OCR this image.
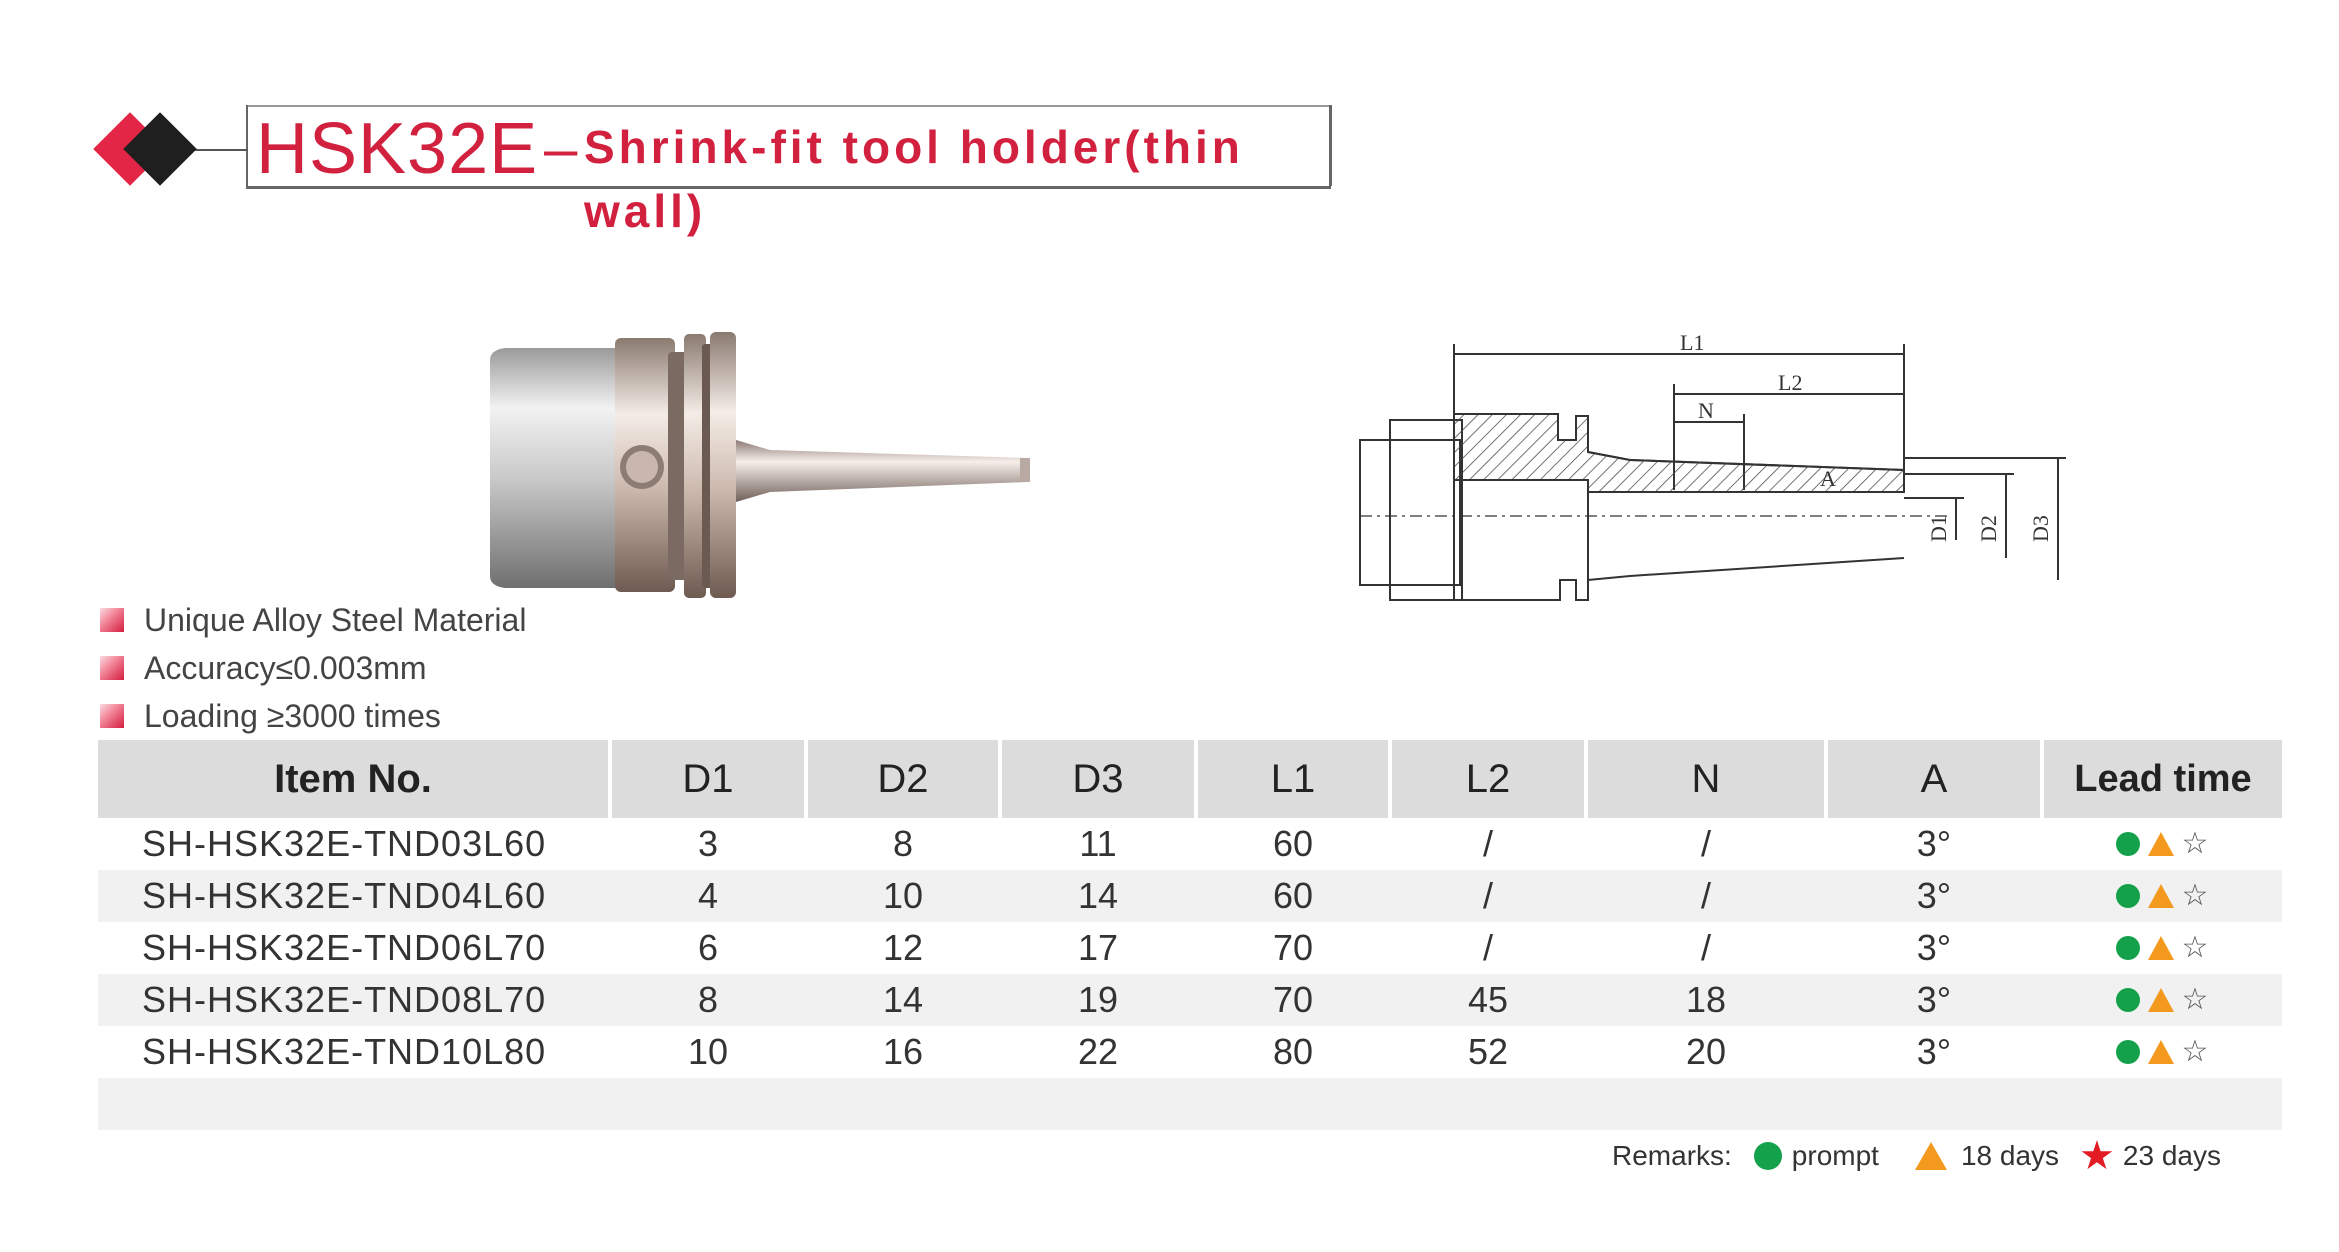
HSK32E – Shrink-fit tool holder(thin wall)
L1
L2
N
A
D1 D2 D3
Unique Alloy Steel Material
Accuracy≤0.003mm
Loading ≥3000 times
Item No.	D1	D2	D3	L1	L2	N	A	Lead time
SH-HSK32E-TND03L60	3	8	11	60	/	/	3°	☆

SH-HSK32E-TND04L60	4	10	14	60	/	/	3°	☆

SH-HSK32E-TND06L70	6	12	17	70	/	/	3°	☆

SH-HSK32E-TND08L70	8	14	19	70	45	18	3°	☆

SH-HSK32E-TND10L80	10	16	22	80	52	20	3°	☆

Remarks: prompt	18 days ★ 23 days
